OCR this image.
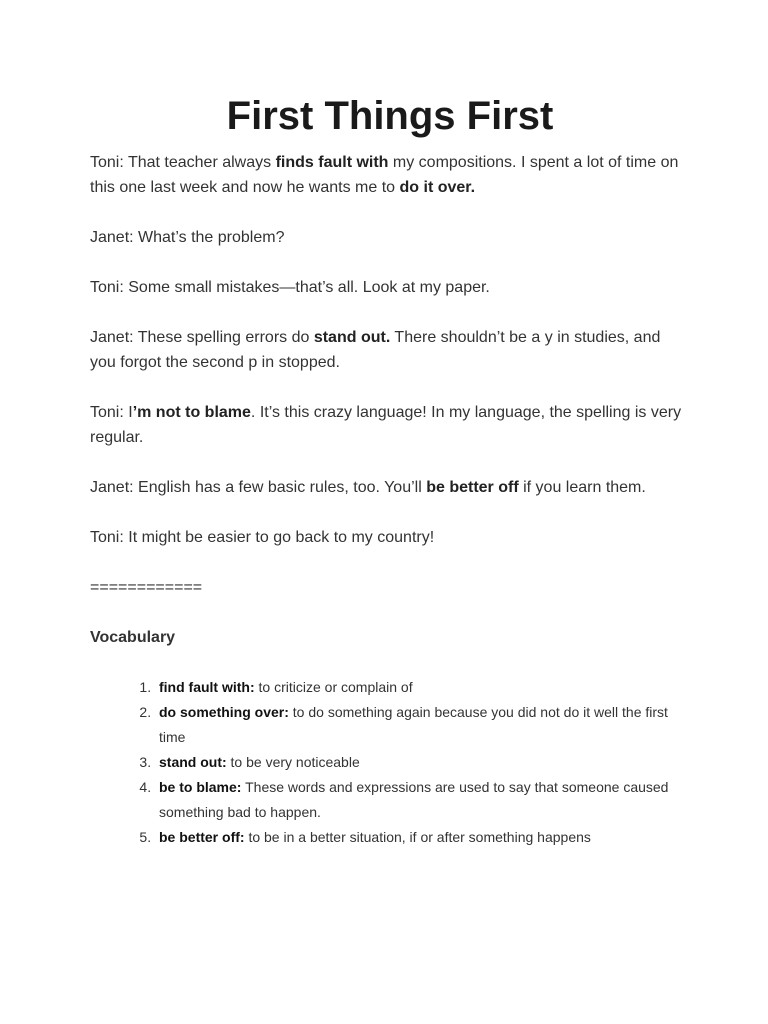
First Things First

Toni: That teacher always finds fault with my compositions. I spent a lot of time on this one last week and now he wants me to do it over.

Janet: What’s the problem?

Toni: Some small mistakes—that’s all. Look at my paper.

Janet: These spelling errors do stand out. There shouldn’t be a y in studies, and you forgot the second p in stopped.

Toni: I’m not to blame. It’s this crazy language! In my language, the spelling is very regular.

Janet: English has a few basic rules, too. You’ll be better off if you learn them.

Toni: It might be easier to go back to my country!

============
Vocabulary
1. find fault with: to criticize or complain of
2. do something over: to do something again because you did not do it well the first time
3. stand out: to be very noticeable
4. be to blame: These words and expressions are used to say that someone caused something bad to happen.
5. be better off: to be in a better situation, if or after something happens
